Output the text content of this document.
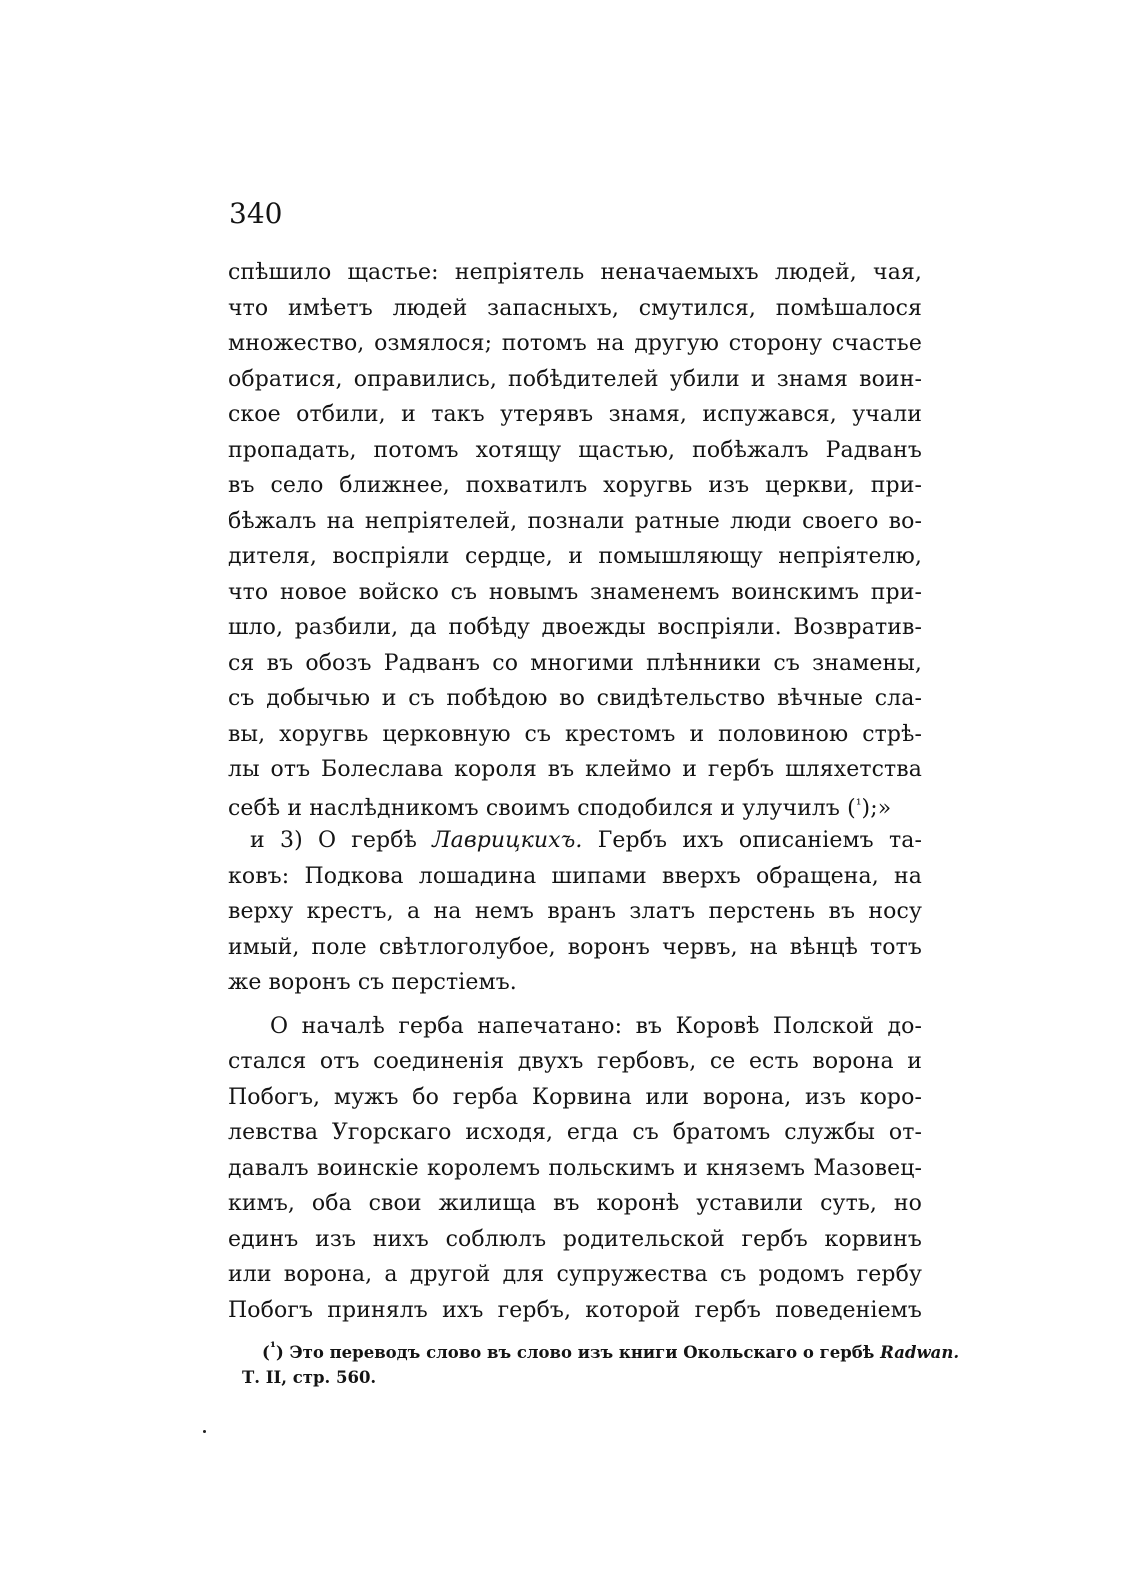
340
спѣшило щастье: непріятель неначаемыхъ людей, чая,
что имѣетъ людей запасныхъ, смутился, помѣшалося
множество, озмялося; потомъ на другую сторону счастье
обратися, оправились, побѣдителей убили и знамя воин-
ское отбили, и такъ утерявъ знамя, испужався, учали
пропадать, потомъ хотящу щастью, побѣжалъ Радванъ
въ село ближнее, похватилъ хоругвь изъ церкви, при-
бѣжалъ на непріятелей, познали ратные люди своего во-
дителя, воспріяли сердце, и помышляющу непріятелю,
что новое войско съ новымъ знаменемъ воинскимъ при-
шло, разбили, да побѣду двоежды воспріяли. Возвратив-
ся въ обозъ Радванъ со многими плѣнники съ знамены,
съ добычью и съ побѣдою во свидѣтельство вѣчные сла-
вы, хоругвь церковную съ крестомъ и половиною стрѣ-
лы отъ Болеслава короля въ клеймо и гербъ шляхетства
себѣ и наслѣдникомъ своимъ сподобился и улучилъ ($^{^1}$);»
и 3) О гербѣ Лаврицкихъ. Гербъ ихъ описаніемъ та-
ковъ: Подкова лошадина шипами вверхъ обращена, на
верху крестъ, а на немъ вранъ златъ перстень въ носу
имый, поле свѣтлоголубое, воронъ червъ, на вѣнцѣ тотъ
же воронъ съ перстіемъ.
О началѣ герба напечатано: въ Коровѣ Полской до-
стался отъ соединенія двухъ гербовъ, се есть ворона и
Побогъ, мужъ бо герба Корвина или ворона, изъ коро-
левства Угорскаго исходя, егда съ братомъ службы от-
давалъ воинскіе королемъ польскимъ и княземъ Мазовец-
кимъ, оба свои жилища въ коронѣ уставили суть, но
единъ изъ нихъ соблюлъ родительской гербъ корвинъ
или ворона, а другой для супружества съ родомъ гербу
Побогъ принялъ ихъ гербъ, которой гербъ поведеніемъ
($^{^1}$) Это переводъ слово въ слово изъ книги Окольскаго о гербѣ Radwan.
Т. II, стр. 560.
